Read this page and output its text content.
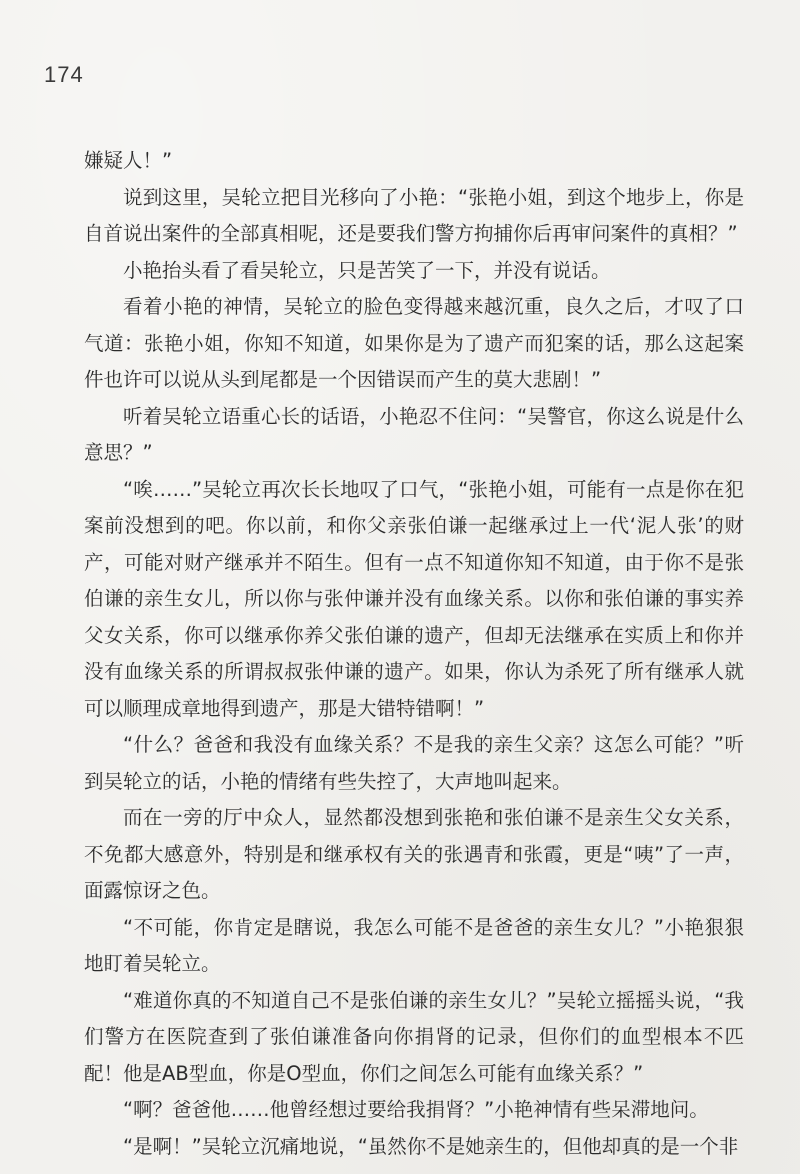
174

嫌疑人！”

说到这里，吴轮立把目光移向了小艳：“张艳小姐，到这个地步上，你是自首说出案件的全部真相呢，还是要我们警方拘捕你后再审问案件的真相？”

小艳抬头看了看吴轮立，只是苦笑了一下，并没有说话。

看着小艳的神情，吴轮立的脸色变得越来越沉重，良久之后，才叹了口气道：张艳小姐，你知不知道，如果你是为了遗产而犯案的话，那么这起案件也许可以说从头到尾都是一个因错误而产生的莫大悲剧！”

听着吴轮立语重心长的话语，小艳忍不住问：“吴警官，你这么说是什么意思？”

“唉……”吴轮立再次长长地叹了口气，“张艳小姐，可能有一点是你在犯案前没想到的吧。你以前，和你父亲张伯谦一起继承过上一代‘泥人张’的财产，可能对财产继承并不陌生。但有一点不知道你知不知道，由于你不是张伯谦的亲生女儿，所以你与张仲谦并没有血缘关系。以你和张伯谦的事实养父女关系，你可以继承你养父张伯谦的遗产，但却无法继承在实质上和你并没有血缘关系的所谓叔叔张仲谦的遗产。如果，你认为杀死了所有继承人就可以顺理成章地得到遗产，那是大错特错啊！”

“什么？爸爸和我没有血缘关系？不是我的亲生父亲？这怎么可能？”听到吴轮立的话，小艳的情绪有些失控了，大声地叫起来。

而在一旁的厅中众人，显然都没想到张艳和张伯谦不是亲生父女关系，不免都大感意外，特别是和继承权有关的张遇青和张霞，更是“咦”了一声，面露惊讶之色。

“不可能，你肯定是瞎说，我怎么可能不是爸爸的亲生女儿？”小艳狠狠地盯着吴轮立。

“难道你真的不知道自己不是张伯谦的亲生女儿？”吴轮立摇摇头说，“我们警方在医院查到了张伯谦准备向你捐肾的记录，但你们的血型根本不匹配！他是AB型血，你是O型血，你们之间怎么可能有血缘关系？”

“啊？爸爸他……他曾经想过要给我捐肾？”小艳神情有些呆滞地问。

“是啊！”吴轮立沉痛地说，“虽然你不是她亲生的，但他却真的是一个非
